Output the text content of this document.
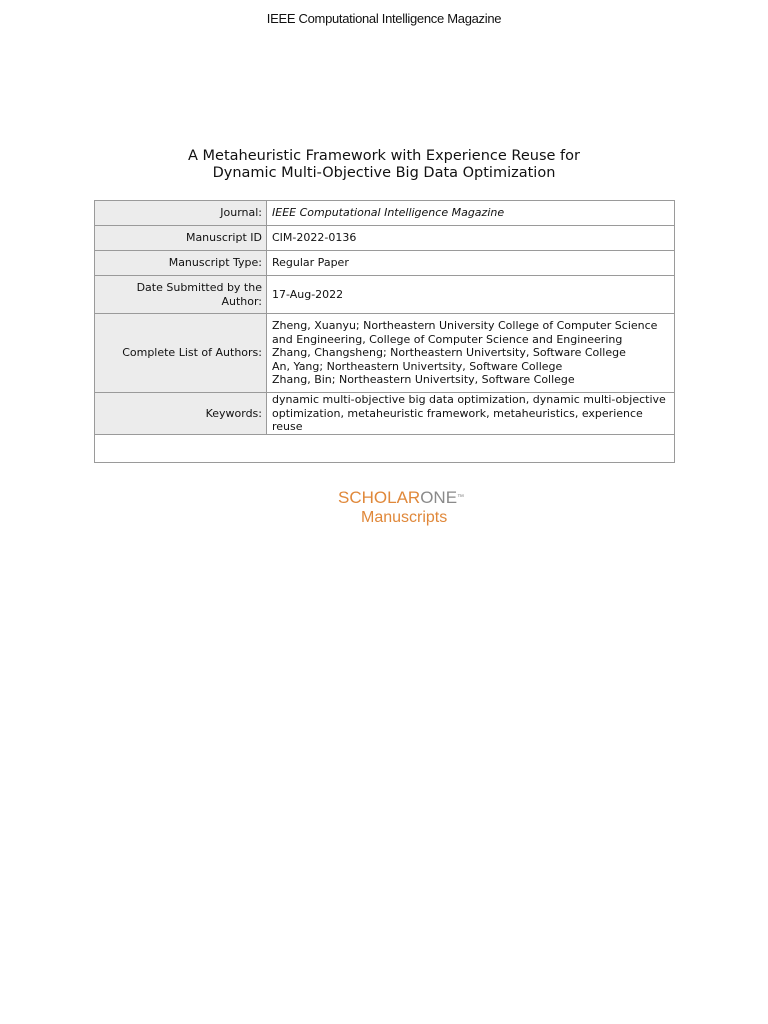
IEEE Computational Intelligence Magazine
A Metaheuristic Framework with Experience Reuse for
Dynamic Multi-Objective Big Data Optimization
Journal:	IEEE Computational Intelligence Magazine
Manuscript ID	CIM-2022-0136
Manuscript Type:	Regular Paper

Date Submitted by the
Author:	17-Aug-2022
Complete List of Authors:	Zheng, Xuanyu; Northeastern University College of Computer Science
and Engineering, College of Computer Science and Engineering
Zhang, Changsheng; Northeastern Univertsity, Software College
An, Yang; Northeastern Univertsity, Software College
Zhang, Bin; Northeastern Univertsity, Software College

Keywords:	dynamic multi-objective big data optimization, dynamic multi-objective
optimization, metaheuristic framework, metaheuristics, experience reuse

SCHOLARONE™
Manuscripts
